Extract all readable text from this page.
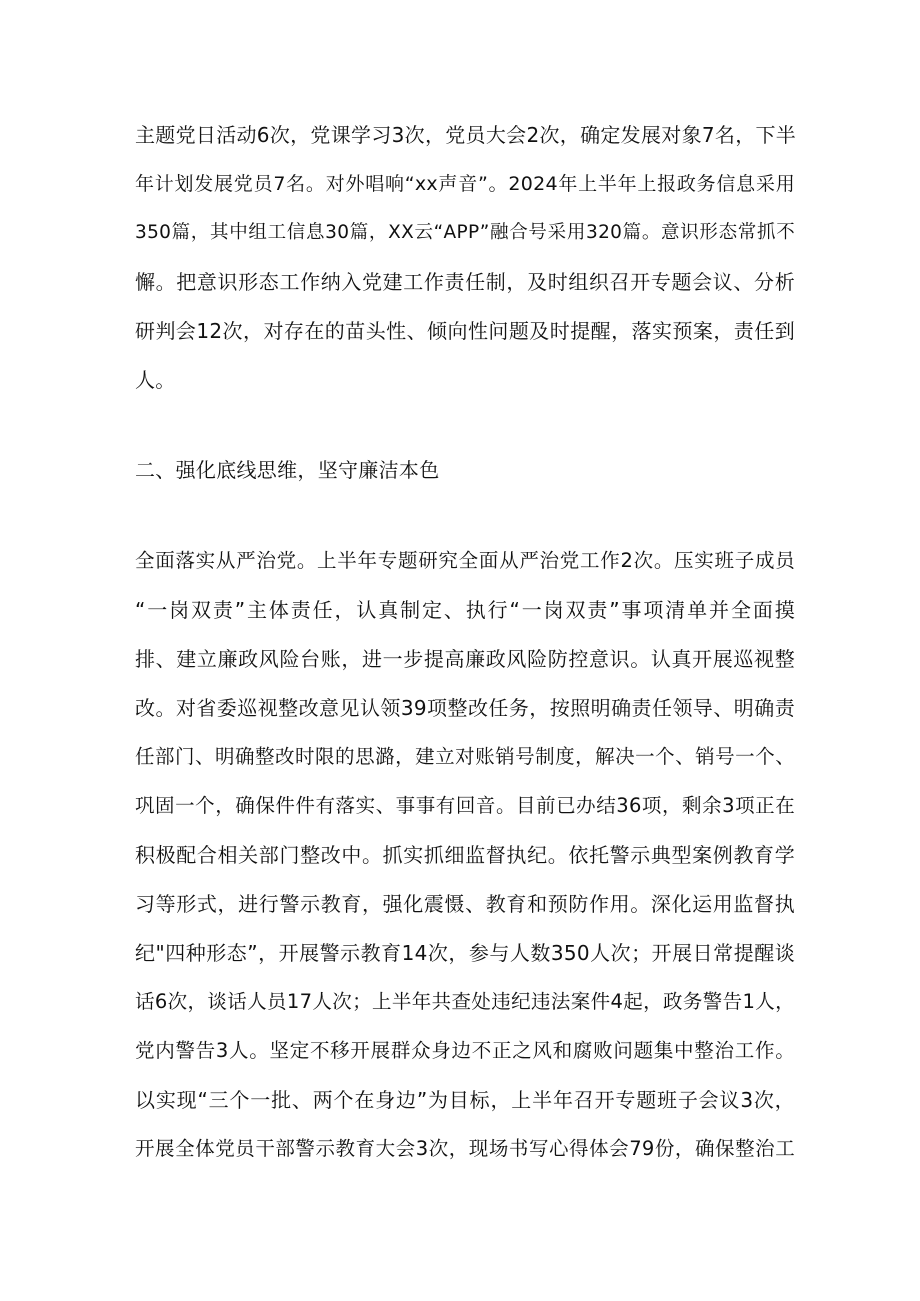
主题党日活动6次，党课学习3次，党员大会2次，确定发展对象7名，下半

年计划发展党员7名。对外唱响“xx声音”。2024年上半年上报政务信息采用

350篇，其中组工信息30篇，XX云“APP”融合号采用320篇。意识形态常抓不

懈。把意识形态工作纳入党建工作责任制，及时组织召开专题会议、分析

研判会12次，对存在的苗头性、倾向性问题及时提醒，落实预案，责任到

人。

二、强化底线思维，坚守廉洁本色

全面落实从严治党。上半年专题研究全面从严治党工作2次。压实班子成员

“一岗双责”主体责任，认真制定、执行“一岗双责”事项清单并全面摸

排、建立廉政风险台账，进一步提高廉政风险防控意识。认真开展巡视整

改。对省委巡视整改意见认领39项整改任务，按照明确责任领导、明确责

任部门、明确整改时限的思潞，建立对账销号制度，解决一个、销号一个、

巩固一个，确保件件有落实、事事有回音。目前已办结36项，剩余3项正在

积极配合相关部门整改中。抓实抓细监督执纪。依托警示典型案例教育学

习等形式，进行警示教育，强化震慑、教育和预防作用。深化运用监督执

纪"四种形态”，开展警示教育14次，参与人数350人次；开展日常提醒谈

话6次，谈话人员17人次；上半年共查处违纪违法案件4起，政务警告1人，

党内警告3人。坚定不移开展群众身边不正之风和腐败问题集中整治工作。

以实现“三个一批、两个在身边”为目标，上半年召开专题班子会议3次，

开展全体党员干部警示教育大会3次，现场书写心得体会79份，确保整治工
